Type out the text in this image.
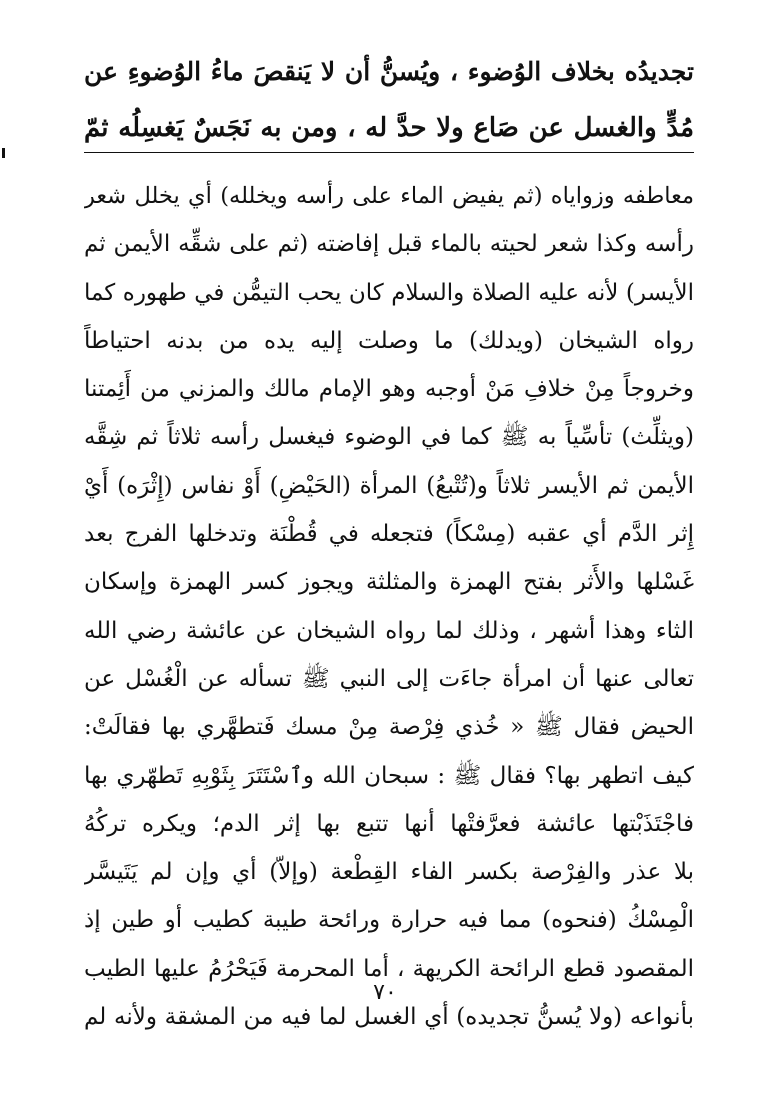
تجديدُه بخلاف الوُضوء ، ويُسنُّ أن لا يَنقصَ ماءُ الوُضوءِ عن
مُدٍّ والغسل عن صَاع ولا حدَّ له ، ومن به نَجَسٌ يَغسِلُه ثمّ
معاطفه وزواياه (ثم يفيض الماء على رأسه ويخلله) أي يخلل شعر
رأسه وكذا شعر لحيته بالماء قبل إفاضته (ثم على شقِّه الأيمن ثم
الأيسر) لأنه عليه الصلاة والسلام كان يحب التيمُّن في طهوره كما
رواه الشيخان (ويدلك) ما وصلت إليه يده من بدنه احتياطاً
وخروجاً مِنْ خلافِ مَنْ أوجبه وهو الإمام مالك والمزني من أَئِمتنا
(ويثلِّث) تأسِّياً به ﷺ كما في الوضوء فيغسل رأسه ثلاثاً ثم شِقَّه
الأيمن ثم الأيسر ثلاثاً و(تُتْبعُ) المرأة (الحَيْضِ) أَوْ نفاس (إِثْرَه) أَيْ
إِثر الدَّم أي عقبه (مِسْكاً) فتجعله في قُطْنَة وتدخلها الفرج بعد
غَسْلها والأَثر بفتح الهمزة والمثلثة ويجوز كسر الهمزة وإسكان
الثاء وهذا أشهر ، وذلك لما رواه الشيخان عن عائشة رضي الله
تعالى عنها أن امرأة جاءَت إلى النبي ﷺ تسأله عن الْغُسْل عن
الحيض فقال ﷺ « خُذي فِرْصة مِنْ مسك فَتطهَّري بها فقالَتْ:
كيف اتطهر بها؟ فقال ﷺ : سبحان الله وٱسْتَتَرَ بِثَوْبِهِ تَطهّري بها
فاجْتَذَبْتها عائشة فعرَّفتْها أنها تتبع بها إثر الدم؛ ويكره تركُهُ
بلا عذر والفِرْصة بكسر الفاء القِطْعة (وإلاّ) أي وإن لم يَتَيسَّر
الْمِسْكُ (فنحوه) مما فيه حرارة ورائحة طيبة كطيب أو طين إذ
المقصود قطع الرائحة الكريهة ، أما المحرمة فَيَحْرُمُ عليها الطيب
بأنواعه (ولا يُسنُّ تجديده) أي الغسل لما فيه من المشقة ولأنه لم
٧٠
